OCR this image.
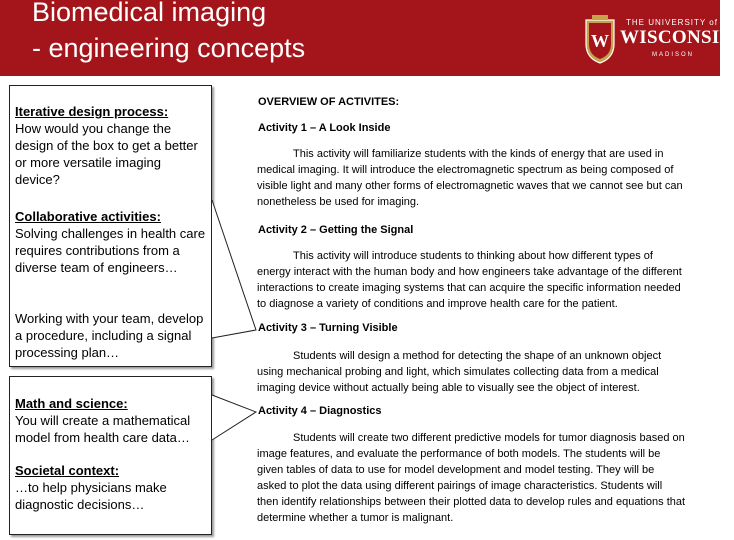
Biomedical imaging
- engineering concepts	W
THE UNIVERSITY of
WISCONSIN
MADISON
Iterative design process:
How would you change the design of the box to get a better or more versatile imaging device?
Collaborative activities:
Solving challenges in health care requires contributions from a diverse team of engineers…
Working with your team, develop a procedure, including a signal processing plan…
Math and science:
You will create a mathematical model from health care data…
Societal context:
…to help physicians make diagnostic decisions…
OVERVIEW OF ACTIVITES:
Activity 1 – A Look Inside
This activity will familiarize students with the kinds of energy that are used in
medical imaging. It will introduce the electromagnetic spectrum as being composed of
visible light and many other forms of electromagnetic waves that we cannot see but can
nonetheless be used for imaging.
Activity 2 – Getting the Signal
This activity will introduce students to thinking about how different types of
energy interact with the human body and how engineers take advantage of the different
interactions to create imaging systems that can acquire the specific information needed
to diagnose a variety of conditions and improve health care for the patient.
Activity 3 – Turning Visible
Students will design a method for detecting the shape of an unknown object
using mechanical probing and light, which simulates collecting data from a medical
imaging device without actually being able to visually see the object of interest.
Activity 4 – Diagnostics
Students will create two different predictive models for tumor diagnosis based on
image features, and evaluate the performance of both models. The students will be
given tables of data to use for model development and model testing. They will be
asked to plot the data using different pairings of image characteristics. Students will
then identify relationships between their plotted data to develop rules and equations that
determine whether a tumor is malignant.
